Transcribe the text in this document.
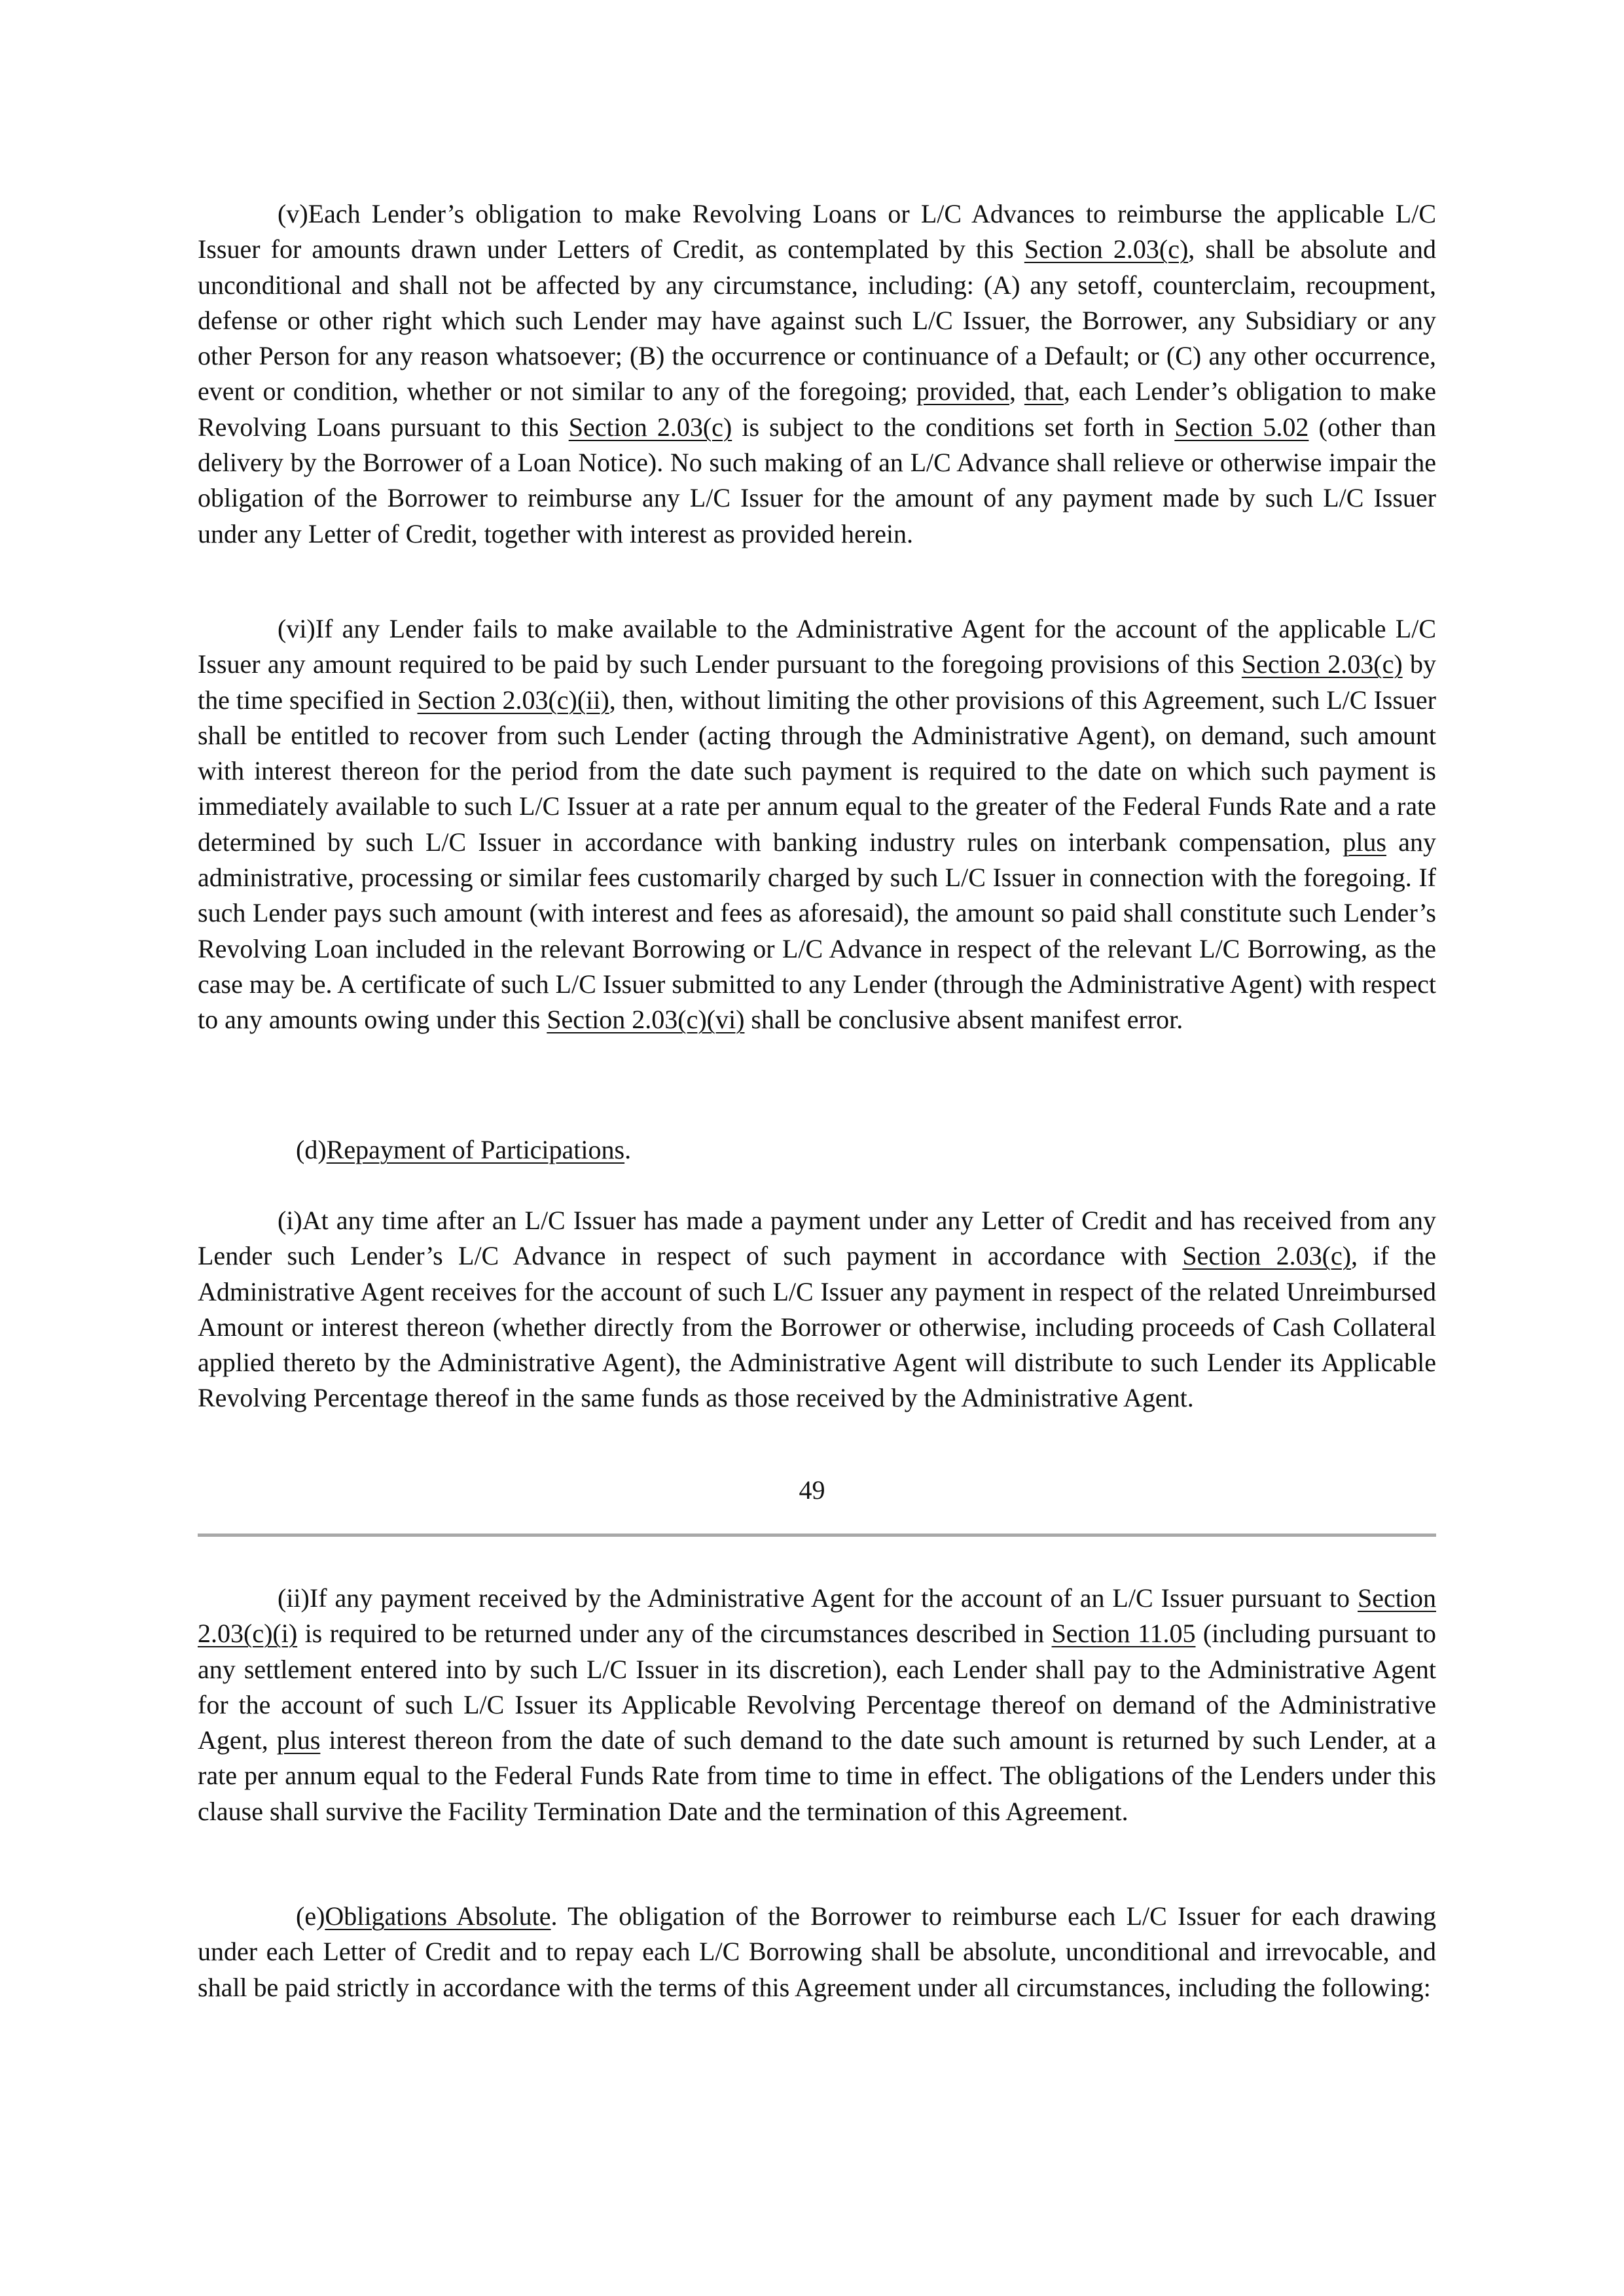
(v)Each Lender’s obligation to make Revolving Loans or L/C Advances to reimburse the applicable L/C Issuer for amounts drawn under Letters of Credit, as contemplated by this Section 2.03(c), shall be absolute and unconditional and shall not be affected by any circumstance, including: (A) any setoff, counterclaim, recoupment, defense or other right which such Lender may have against such L/C Issuer, the Borrower, any Subsidiary or any other Person for any reason whatsoever; (B) the occurrence or continuance of a Default; or (C) any other occurrence, event or condition, whether or not similar to any of the foregoing; provided, that, each Lender’s obligation to make Revolving Loans pursuant to this Section 2.03(c) is subject to the conditions set forth in Section 5.02 (other than delivery by the Borrower of a Loan Notice). No such making of an L/C Advance shall relieve or otherwise impair the obligation of the Borrower to reimburse any L/C Issuer for the amount of any payment made by such L/C Issuer under any Letter of Credit, together with interest as provided herein.

(vi)If any Lender fails to make available to the Administrative Agent for the account of the applicable L/C Issuer any amount required to be paid by such Lender pursuant to the foregoing provisions of this Section 2.03(c) by the time specified in Section 2.03(c)(ii), then, without limiting the other provisions of this Agreement, such L/C Issuer shall be entitled to recover from such Lender (acting through the Administrative Agent), on demand, such amount with interest thereon for the period from the date such payment is required to the date on which such payment is immediately available to such L/C Issuer at a rate per annum equal to the greater of the Federal Funds Rate and a rate determined by such L/C Issuer in accordance with banking industry rules on interbank compensation, plus any administrative, processing or similar fees customarily charged by such L/C Issuer in connection with the foregoing. If such Lender pays such amount (with interest and fees as aforesaid), the amount so paid shall constitute such Lender’s Revolving Loan included in the relevant Borrowing or L/C Advance in respect of the relevant L/C Borrowing, as the case may be. A certificate of such L/C Issuer submitted to any Lender (through the Administrative Agent) with respect to any amounts owing under this Section 2.03(c)(vi) shall be conclusive absent manifest error.

(d)Repayment of Participations.

(i)At any time after an L/C Issuer has made a payment under any Letter of Credit and has received from any Lender such Lender’s L/C Advance in respect of such payment in accordance with Section 2.03(c), if the Administrative Agent receives for the account of such L/C Issuer any payment in respect of the related Unreimbursed Amount or interest thereon (whether directly from the Borrower or otherwise, including proceeds of Cash Collateral applied thereto by the Administrative Agent), the Administrative Agent will distribute to such Lender its Applicable Revolving Percentage thereof in the same funds as those received by the Administrative Agent.

49

(ii)If any payment received by the Administrative Agent for the account of an L/C Issuer pursuant to Section 2.03(c)(i) is required to be returned under any of the circumstances described in Section 11.05 (including pursuant to any settlement entered into by such L/C Issuer in its discretion), each Lender shall pay to the Administrative Agent for the account of such L/C Issuer its Applicable Revolving Percentage thereof on demand of the Administrative Agent, plus interest thereon from the date of such demand to the date such amount is returned by such Lender, at a rate per annum equal to the Federal Funds Rate from time to time in effect. The obligations of the Lenders under this clause shall survive the Facility Termination Date and the termination of this Agreement.

(e)Obligations Absolute. The obligation of the Borrower to reimburse each L/C Issuer for each drawing under each Letter of Credit and to repay each L/C Borrowing shall be absolute, unconditional and irrevocable, and shall be paid strictly in accordance with the terms of this Agreement under all circumstances, including the following:
